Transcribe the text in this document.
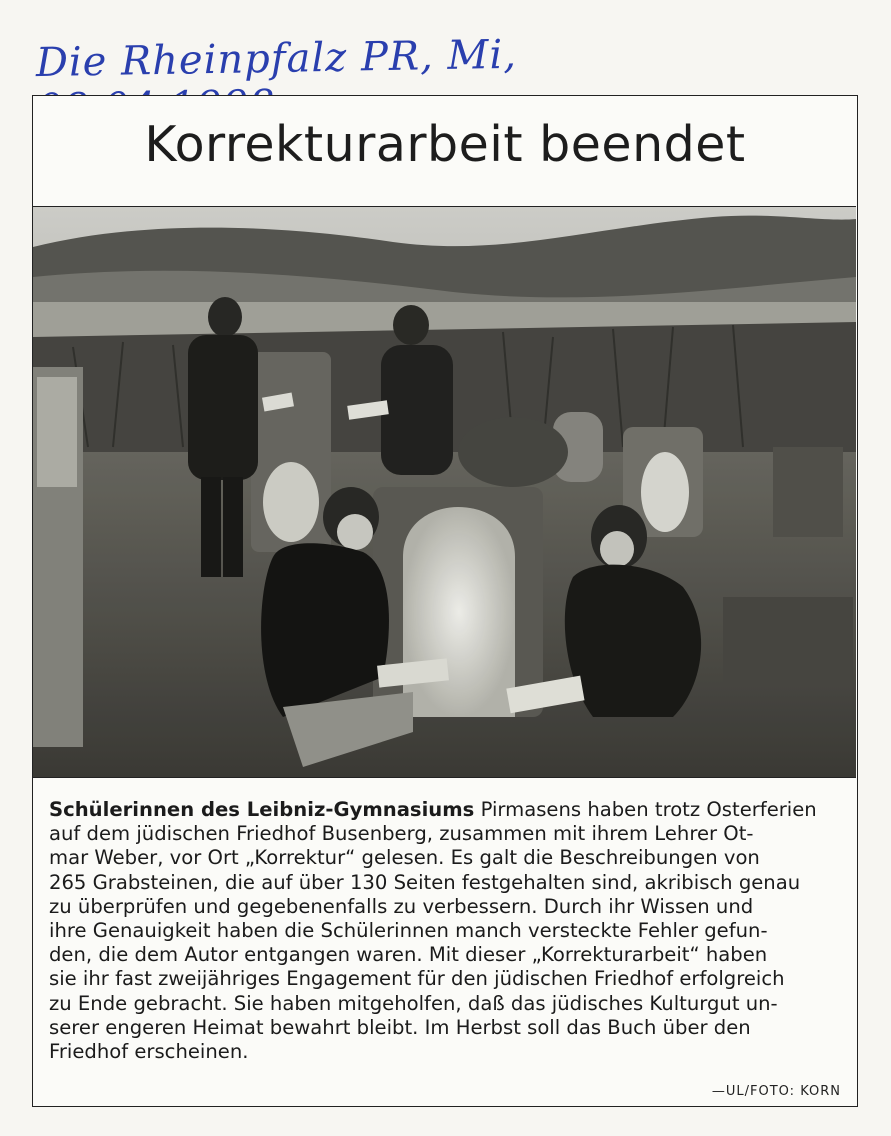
Die Rheinpfalz PR, Mi,
Korrekturarbeit beendet
Schülerinnen des Leibniz-Gymnasiums Pirmasens haben trotz Osterferien
auf dem jüdischen Friedhof Busenberg, zusammen mit ihrem Lehrer Ot-
mar Weber, vor Ort „Korrektur“ gelesen. Es galt die Beschreibungen von
265 Grabsteinen, die auf über 130 Seiten festgehalten sind, akribisch genau
zu überprüfen und gegebenenfalls zu verbessern. Durch ihr Wissen und
ihre Genauigkeit haben die Schülerinnen manch versteckte Fehler gefun-
den, die dem Autor entgangen waren. Mit dieser „Korrekturarbeit“ haben
sie ihr fast zweijähriges Engagement für den jüdischen Friedhof erfolgreich
zu Ende gebracht. Sie haben mitgeholfen, daß das jüdisches Kulturgut un-
serer engeren Heimat bewahrt bleibt. Im Herbst soll das Buch über den
Friedhof erscheinen.
—UL/FOTO: KORN
